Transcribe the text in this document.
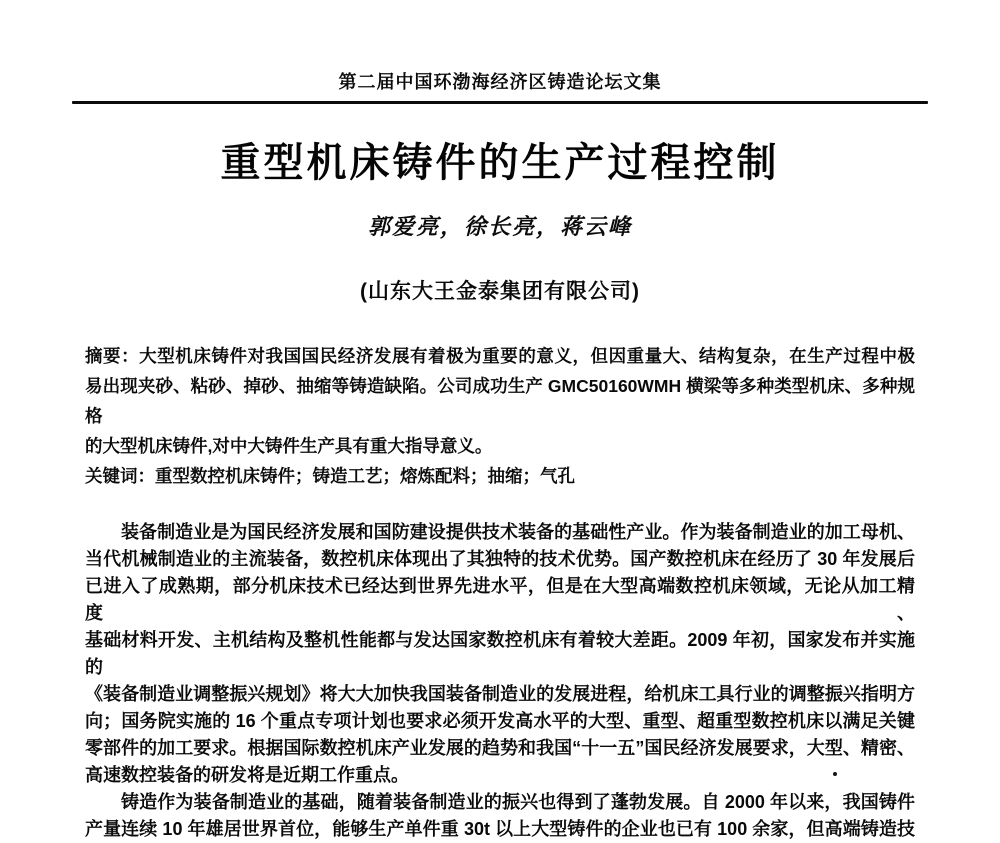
第二届中国环渤海经济区铸造论坛文集
重型机床铸件的生产过程控制
郭爱亮，徐长亮，蒋云峰
(山东大王金泰集团有限公司)
摘要：大型机床铸件对我国国民经济发展有着极为重要的意义，但因重量大、结构复杂，在生产过程中极
易出现夹砂、粘砂、掉砂、抽缩等铸造缺陷。公司成功生产 GMC50160WMH 横梁等多种类型机床、多种规格
的大型机床铸件,对中大铸件生产具有重大指导意义。
关键词：重型数控机床铸件；铸造工艺；熔炼配料；抽缩；气孔
装备制造业是为国民经济发展和国防建设提供技术装备的基础性产业。作为装备制造业的加工母机、
当代机械制造业的主流装备，数控机床体现出了其独特的技术优势。国产数控机床在经历了 30 年发展后
已进入了成熟期，部分机床技术已经达到世界先进水平，但是在大型高端数控机床领域，无论从加工精度、
基础材料开发、主机结构及整机性能都与发达国家数控机床有着较大差距。2009 年初，国家发布并实施的
《装备制造业调整振兴规划》将大大加快我国装备制造业的发展进程，给机床工具行业的调整振兴指明方
向；国务院实施的 16 个重点专项计划也要求必须开发高水平的大型、重型、超重型数控机床以满足关键
零部件的加工要求。根据国际数控机床产业发展的趋势和我国“十一五”国民经济发展要求，大型、精密、
高速数控装备的研发将是近期工作重点。
铸造作为装备制造业的基础，随着装备制造业的振兴也得到了蓬勃发展。自 2000 年以来，我国铸件
产量连续 10 年雄居世界首位，能够生产单件重 30t 以上大型铸件的企业也已有 100 余家，但高端铸造技
